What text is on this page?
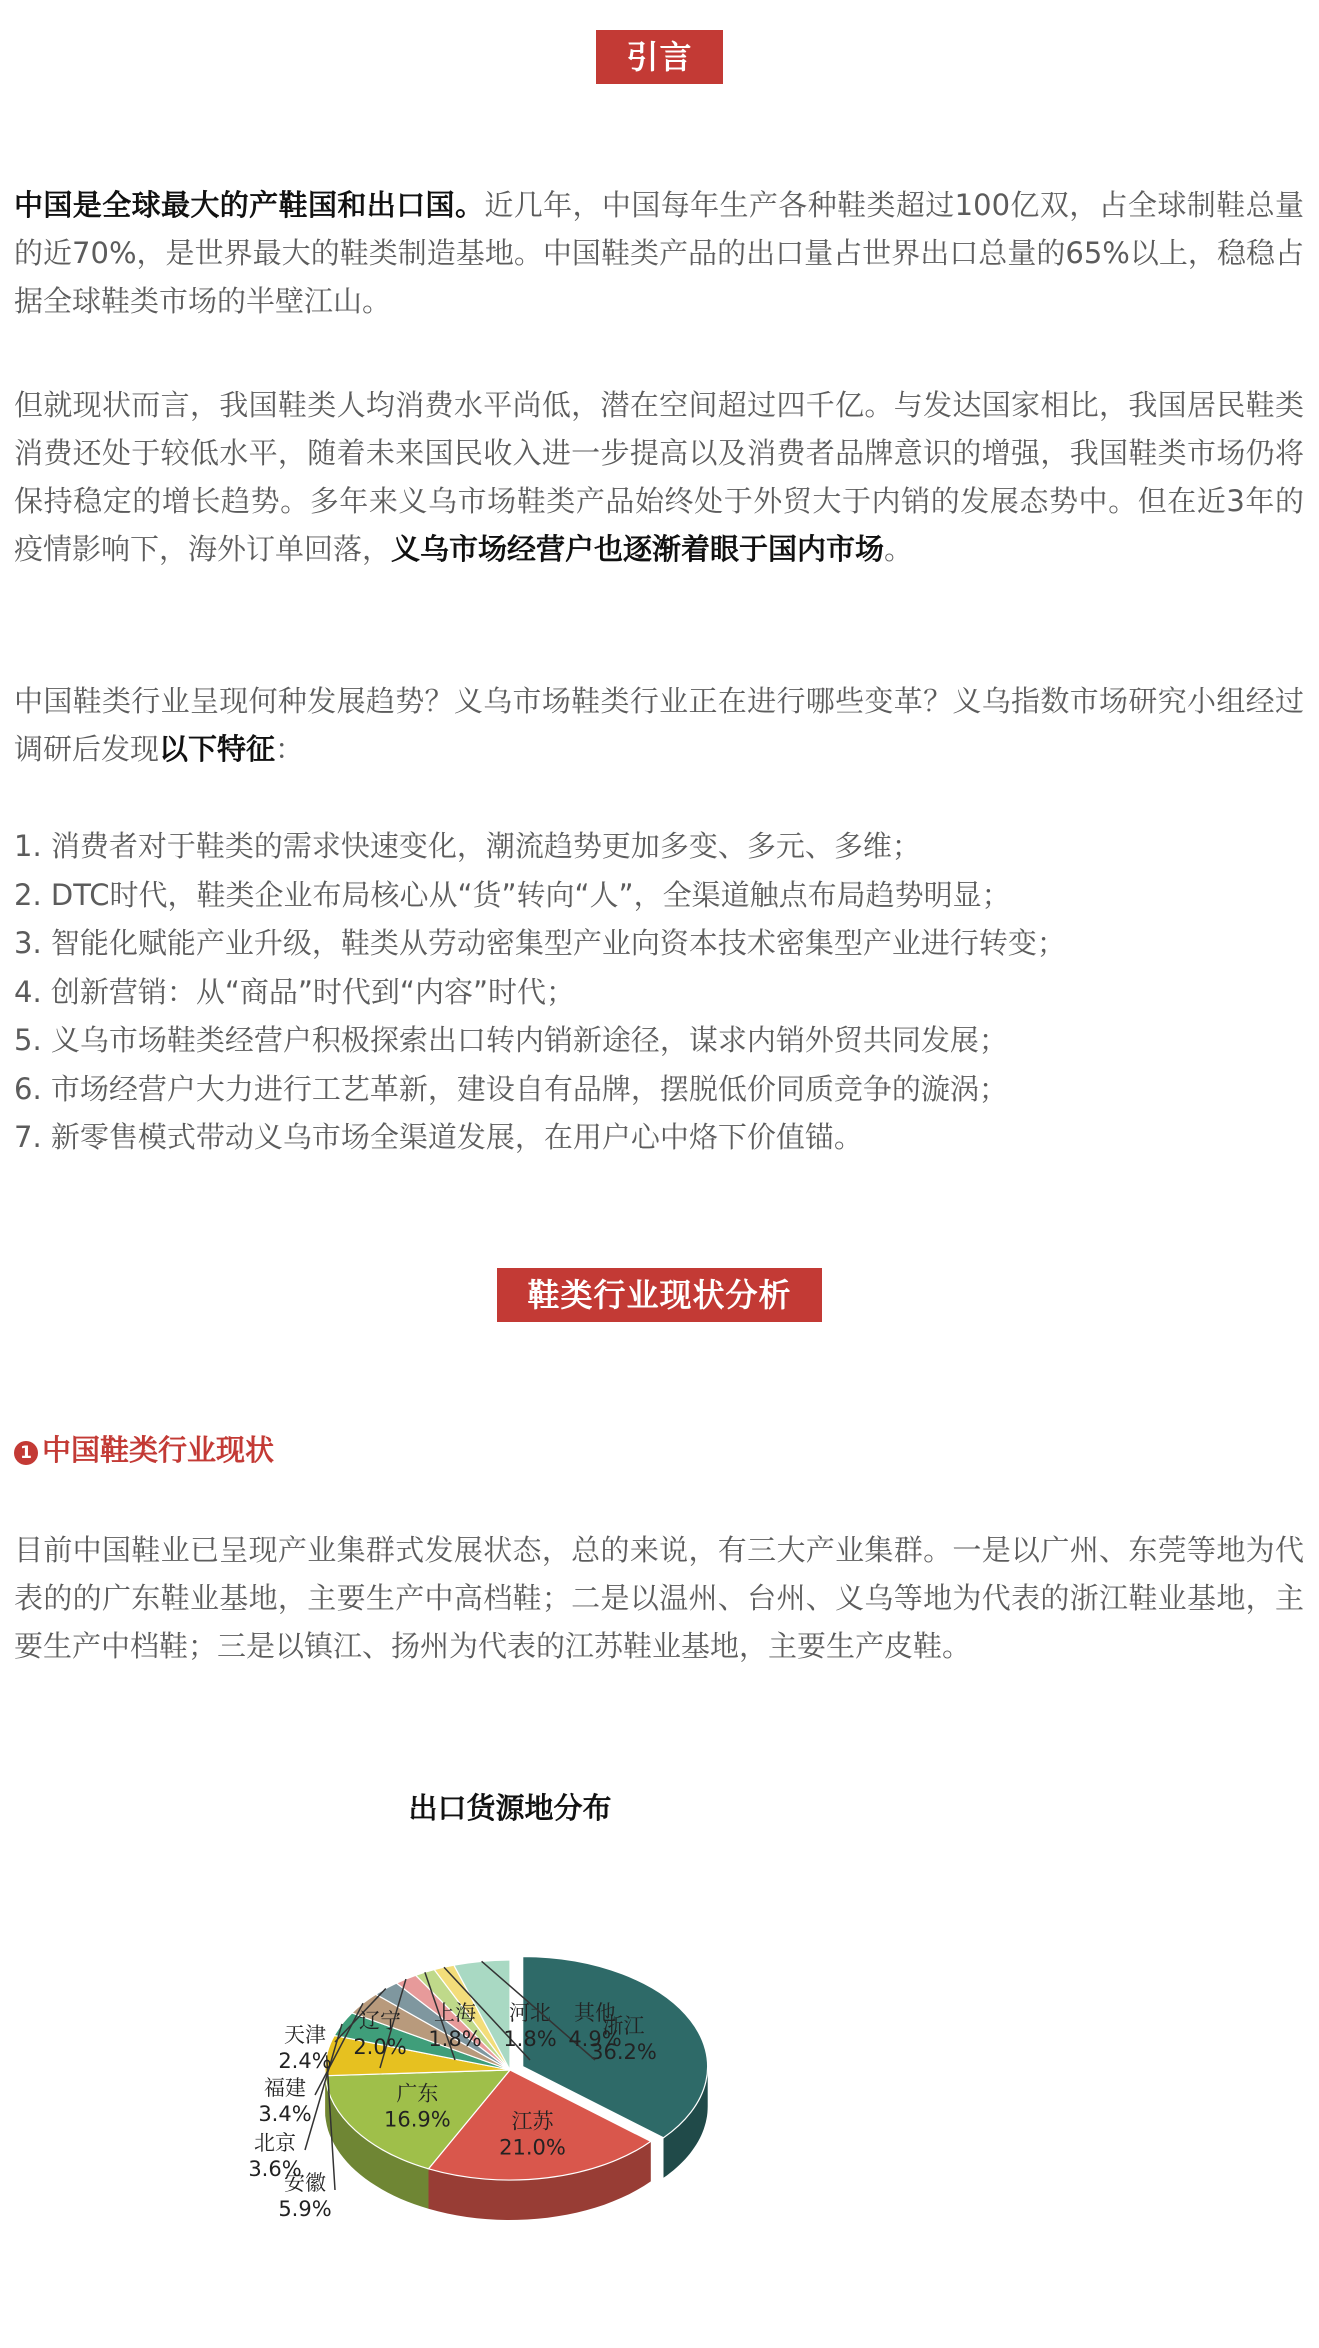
引言

中国是全球最大的产鞋国和出口国。近几年，中国每年生产各种鞋类超过100亿双，占全球制鞋总量的近70%，是世界最大的鞋类制造基地。中国鞋类产品的出口量占世界出口总量的65%以上，稳稳占据全球鞋类市场的半壁江山。

但就现状而言，我国鞋类人均消费水平尚低，潜在空间超过四千亿。与发达国家相比，我国居民鞋类消费还处于较低水平，随着未来国民收入进一步提高以及消费者品牌意识的增强，我国鞋类市场仍将保持稳定的增长趋势。多年来义乌市场鞋类产品始终处于外贸大于内销的发展态势中。但在近3年的疫情影响下，海外订单回落，义乌市场经营户也逐渐着眼于国内市场。

中国鞋类行业呈现何种发展趋势？义乌市场鞋类行业正在进行哪些变革？义乌指数市场研究小组经过调研后发现以下特征：

1. 消费者对于鞋类的需求快速变化，潮流趋势更加多变、多元、多维；
2. DTC时代，鞋类企业布局核心从“货”转向“人”，全渠道触点布局趋势明显；
3. 智能化赋能产业升级，鞋类从劳动密集型产业向资本技术密集型产业进行转变；
4. 创新营销：从“商品”时代到“内容”时代；
5. 义乌市场鞋类经营户积极探索出口转内销新途径，谋求内销外贸共同发展；
6. 市场经营户大力进行工艺革新，建设自有品牌，摆脱低价同质竞争的漩涡；
7. 新零售模式带动义乌市场全渠道发展，在用户心中烙下价值锚。
鞋类行业现状分析
1 中国鞋类行业现状

目前中国鞋业已呈现产业集群式发展状态，总的来说，有三大产业集群。一是以广州、东莞等地为代表的的广东鞋业基地，主要生产中高档鞋；二是以温州、台州、义乌等地为代表的浙江鞋业基地，主要生产中档鞋；三是以镇江、扬州为代表的江苏鞋业基地，主要生产皮鞋。

出口货源地分布
浙江
36.2%
江苏
21.0%
广东
16.9%
安徽
5.9%
北京
3.6%
福建
3.4%
天津
2.4%
辽宁
2.0%
上海
1.8%
河北
1.8%
其他
4.9%
